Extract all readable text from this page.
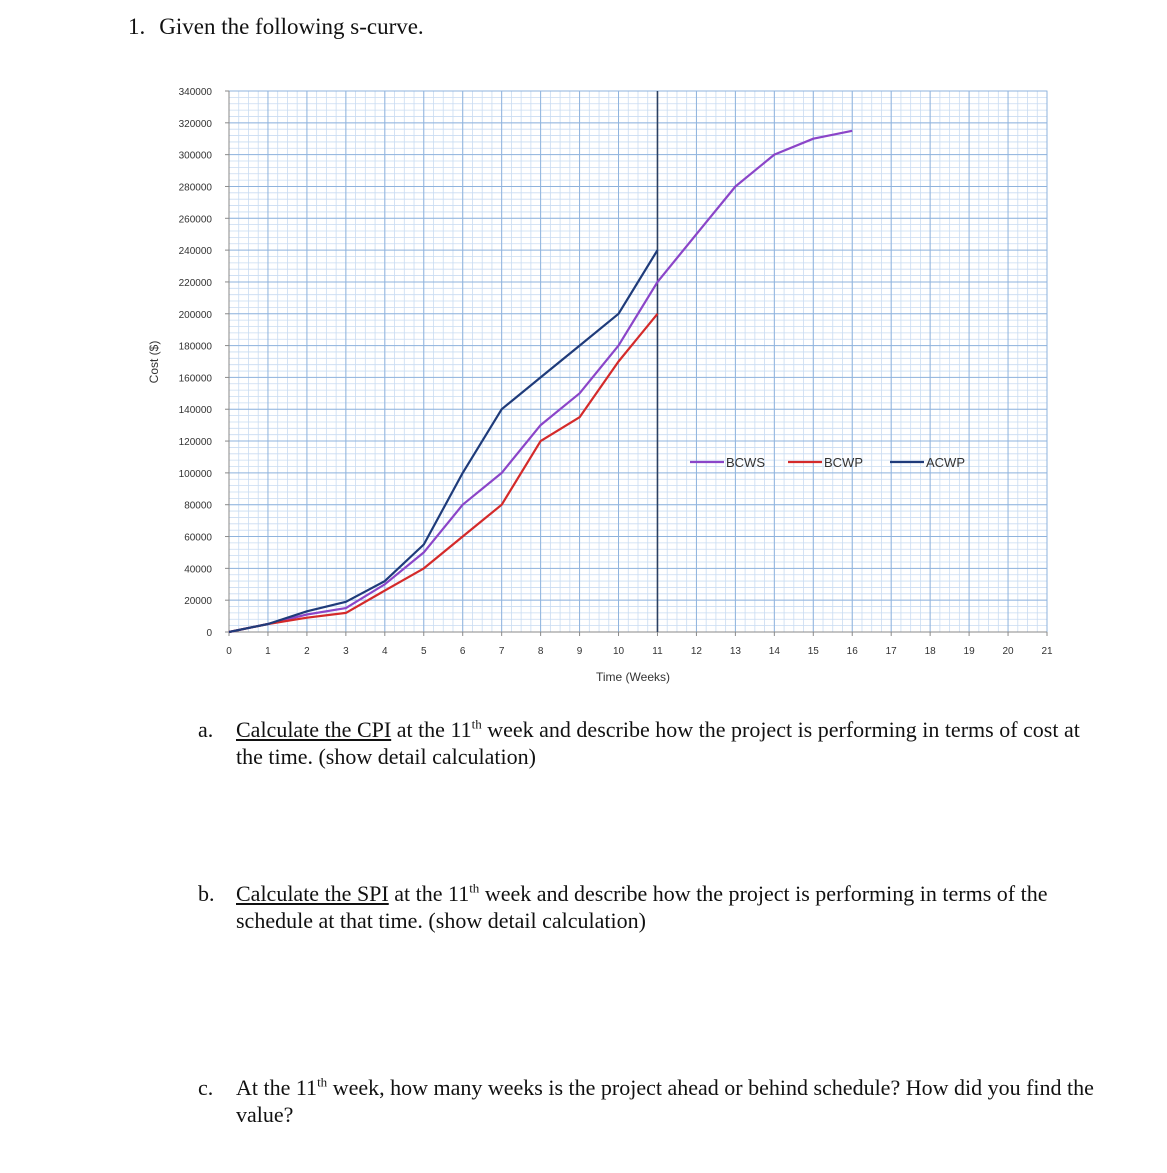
1. Given the following s-curve.
0
20000
40000
60000
80000
100000
120000
140000
160000
180000
200000
220000
240000
260000
280000
300000
320000
340000
0	1	2	3	4	5	6	7	8	9	10	11	12	13	14	15	16	17	18	19	20	21
BCWS	BCWP	ACWP
Time (Weeks)
Cost ($)
a. Calculate the CPI at the 11th week and describe how the project is performing in terms of cost at the time. (show detail calculation)
b. Calculate the SPI at the 11th week and describe how the project is performing in terms of the schedule at that time. (show detail calculation)
c. At the 11th week, how many weeks is the project ahead or behind schedule? How did you find the value?
